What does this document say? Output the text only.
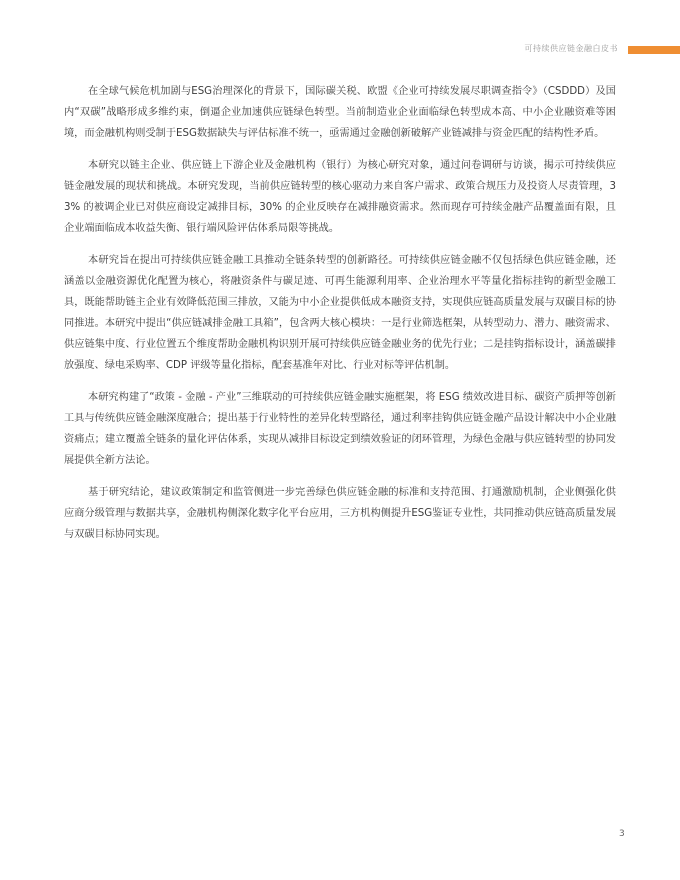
可持续供应链金融白皮书

在全球气候危机加剧与ESG治理深化的背景下，国际碳关税、欧盟《企业可持续发展尽职调查指令》（CSDDD）及国内“双碳”战略形成多维约束，倒逼企业加速供应链绿色转型。当前制造业企业面临绿色转型成本高、中小企业融资难等困境，而金融机构则受制于ESG数据缺失与评估标准不统一，亟需通过金融创新破解产业链减排与资金匹配的结构性矛盾。

本研究以链主企业、供应链上下游企业及金融机构（银行）为核心研究对象，通过问卷调研与访谈，揭示可持续供应链金融发展的现状和挑战。本研究发现，当前供应链转型的核心驱动力来自客户需求、政策合规压力及投资人尽责管理，33% 的被调企业已对供应商设定减排目标，30% 的企业反映存在减排融资需求。然而现存可持续金融产品覆盖面有限，且企业端面临成本收益失衡、银行端风险评估体系局限等挑战。

本研究旨在提出可持续供应链金融工具推动全链条转型的创新路径。可持续供应链金融不仅包括绿色供应链金融，还涵盖以金融资源优化配置为核心，将融资条件与碳足迹、可再生能源利用率、企业治理水平等量化指标挂钩的新型金融工具，既能帮助链主企业有效降低范围三排放，又能为中小企业提供低成本融资支持，实现供应链高质量发展与双碳目标的协同推进。本研究中提出“供应链减排金融工具箱”，包含两大核心模块：一是行业筛选框架，从转型动力、潜力、融资需求、供应链集中度、行业位置五个维度帮助金融机构识别开展可持续供应链金融业务的优先行业；二是挂钩指标设计，涵盖碳排放强度、绿电采购率、CDP 评级等量化指标，配套基准年对比、行业对标等评估机制。

本研究构建了“政策 - 金融 - 产业”三维联动的可持续供应链金融实施框架，将 ESG 绩效改进目标、碳资产质押等创新工具与传统供应链金融深度融合；提出基于行业特性的差异化转型路径，通过利率挂钩供应链金融产品设计解决中小企业融资痛点；建立覆盖全链条的量化评估体系，实现从减排目标设定到绩效验证的闭环管理，为绿色金融与供应链转型的协同发展提供全新方法论。

基于研究结论，建议政策制定和监管侧进一步完善绿色供应链金融的标准和支持范围、打通激励机制，企业侧强化供应商分级管理与数据共享，金融机构侧深化数字化平台应用，三方机构侧提升ESG鉴证专业性，共同推动供应链高质量发展与双碳目标协同实现。

3
